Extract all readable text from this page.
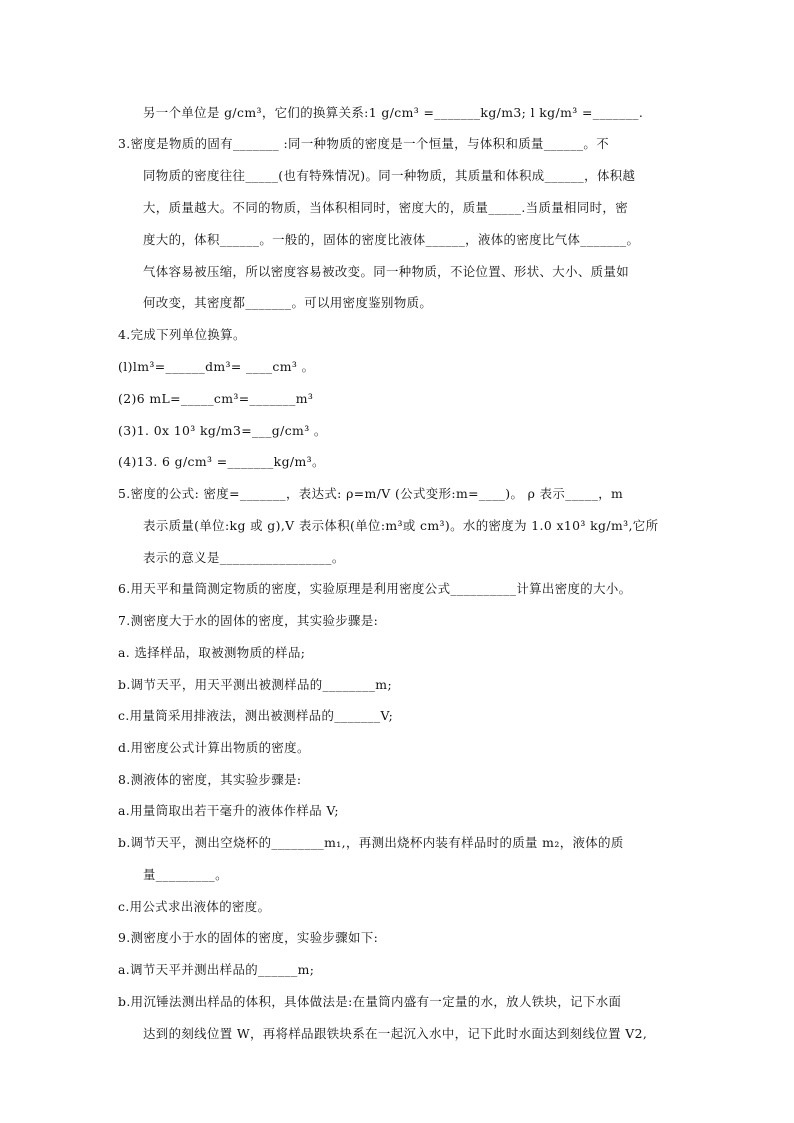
另一个单位是 g/cm³，它们的换算关系:1 g/cm³ =_______kg/m3; l kg/m³ =_______.
3.密度是物质的固有_______ :同一种物质的密度是一个恒量，与体积和质量______。不
同物质的密度往往_____(也有特殊情况)。同一种物质，其质量和体积成______，体积越
大，质量越大。不同的物质，当体积相同时，密度大的，质量_____.当质量相同时，密
度大的，体积______。一般的，固体的密度比液体______，液体的密度比气体_______。
气体容易被压缩，所以密度容易被改变。同一种物质，不论位置、形状、大小、质量如
何改变，其密度都_______。可以用密度鉴别物质。
4.完成下列单位换算。
(l)lm³=______dm³= ____cm³ 。
(2)6 mL=_____cm³=_______m³
(3)1. 0x 10³ kg/m3=___g/cm³ 。
(4)13. 6 g/cm³ =_______kg/m³。
5.密度的公式: 密度=_______，表达式: ρ=m/V (公式变形:m=____)。 ρ 表示_____，m
表示质量(单位:kg 或 g),V 表示体积(单位:m³或 cm³)。水的密度为 1.0 x10³ kg/m³,它所
表示的意义是_________________。
6.用天平和量筒测定物质的密度，实验原理是利用密度公式__________计算出密度的大小。
7.测密度大于水的固体的密度，其实验步骤是:
a. 选择样品，取被测物质的样品;
b.调节天平，用天平测出被测样品的________m;
c.用量筒采用排液法，测出被测样品的_______V;
d.用密度公式计算出物质的密度。
8.测液体的密度，其实验步骤是:
a.用量筒取出若干毫升的液体作样品 V;
b.调节天平，测出空烧杯的________m₁,，再测出烧杯内装有样品时的质量 m₂，液体的质
量_________。
c.用公式求出液体的密度。
9.测密度小于水的固体的密度，实验步骤如下:
a.调节天平并测出样品的______m;
b.用沉锤法测出样品的体积，具体做法是:在量筒内盛有一定量的水，放人铁块，记下水面
达到的刻线位置 W，再将样品跟铁块系在一起沉入水中，记下此时水面达到刻线位置 V2,
